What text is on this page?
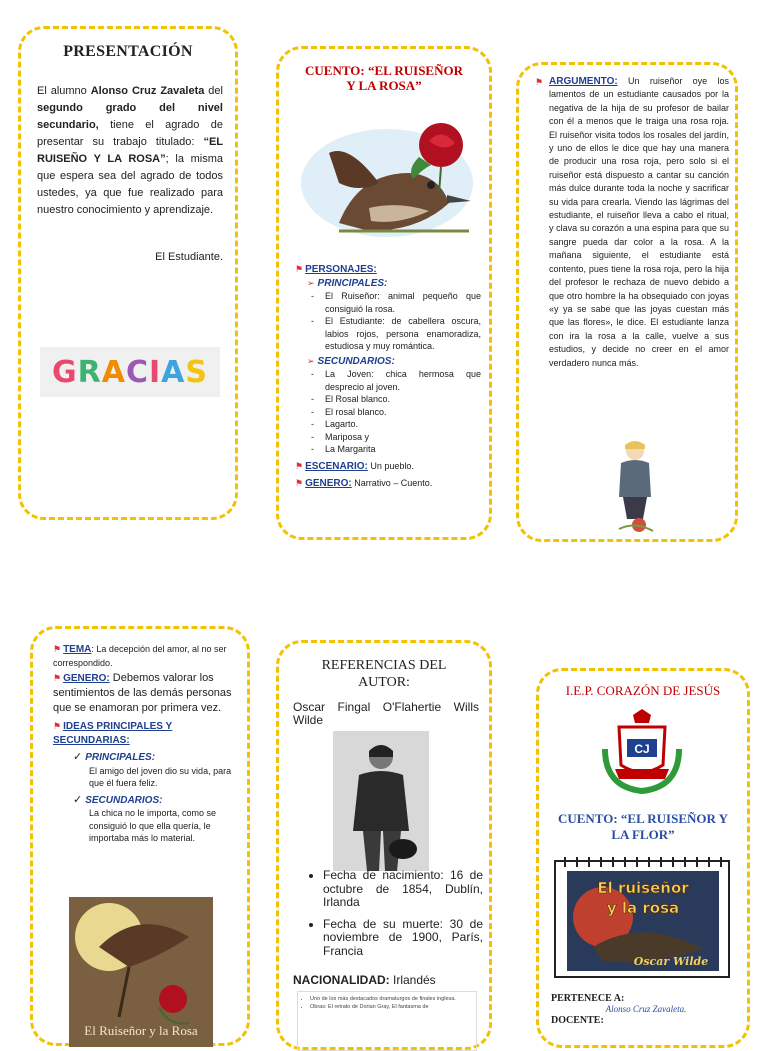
PRESENTACIÓN

El alumno Alonso Cruz Zavaleta del segundo grado del nivel secundario, tiene el agrado de presentar su trabajo titulado: “EL RUISEÑO Y LA ROSA”; la misma que espera sea del agrado de todos ustedes, ya que fue realizado para nuestro conocimiento y aprendizaje.

El Estudiante.

GRACIAS
CUENTO: “EL RUISEÑOR Y LA ROSA”
⚑ PERSONAJES:
➢ PRINCIPALES:
- El Ruiseñor: animal pequeño que consiguió la rosa.
- El Estudiante: de cabellera oscura, labios rojos, persona enamoradiza, estudiosa y muy romántica.
➢ SECUNDARIOS:
- La Joven: chica hermosa que desprecio al joven.
- El Rosal blanco.
- El rosal blanco.
- Lagarto.
- Mariposa y
- La Margarita
⚑ ESCENARIO: Un pueblo.
⚑ GENERO: Narrativo – Cuento.

⚑ ARGUMENTO: Un ruiseñor oye los lamentos de un estudiante causados por la negativa de la hija de su profesor de bailar con él a menos que le traiga una rosa roja. El ruiseñor visita todos los rosales del jardín, y uno de ellos le dice que hay una manera de producir una rosa roja, pero solo si el ruiseñor está dispuesto a cantar su canción más dulce durante toda la noche y sacrificar su vida para crearla. Viendo las lágrimas del estudiante, el ruiseñor lleva a cabo el ritual, y clava su corazón a una espina para que su sangre pueda dar color a la rosa. A la mañana siguiente, el estudiante está contento, pues tiene la rosa roja, pero la hija del profesor le rechaza de nuevo debido a que otro hombre la ha obsequiado con joyas «y ya se sabe que las joyas cuestan más que las flores», le dice. El estudiante lanza con ira la rosa a la calle, vuelve a sus estudios, y decide no creer en el amor verdadero nunca más.

⚑ TEMA: La decepción del amor, al no ser correspondido.

⚑ GENERO: Debemos valorar los sentimientos de las demás personas que se enamoran por primera vez.

⚑ IDEAS PRINCIPALES Y SECUNDARIAS:

✓ PRINCIPALES:

El amigo del joven dio su vida, para que él fuera feliz.

✓ SECUNDARIOS:

La chica no le importa, como se consiguió lo que ella quería, le importaba más lo material.

El Ruiseñor y la Rosa
REFERENCIAS DEL AUTOR:

Oscar Fingal O'Flahertie Wills Wilde

• Fecha de nacimiento: 16 de octubre de 1854, Dublín, Irlanda
• Fecha de su muerte: 30 de noviembre de 1900, París, Francia

NACIONALIDAD: Irlandés

• Uno de los más destacados dramaturgos de finales inglesa.
• Obras: El retrato de Dorian Gray, El fantasma de
I.E.P. CORAZÓN DE JESÚS
CJ
CUENTO: “EL RUISEÑOR Y LA FLOR”
El ruiseñor
y la rosa
Oscar Wilde

PERTENECE A:

Alonso Cruz Zavaleta.

DOCENTE:
